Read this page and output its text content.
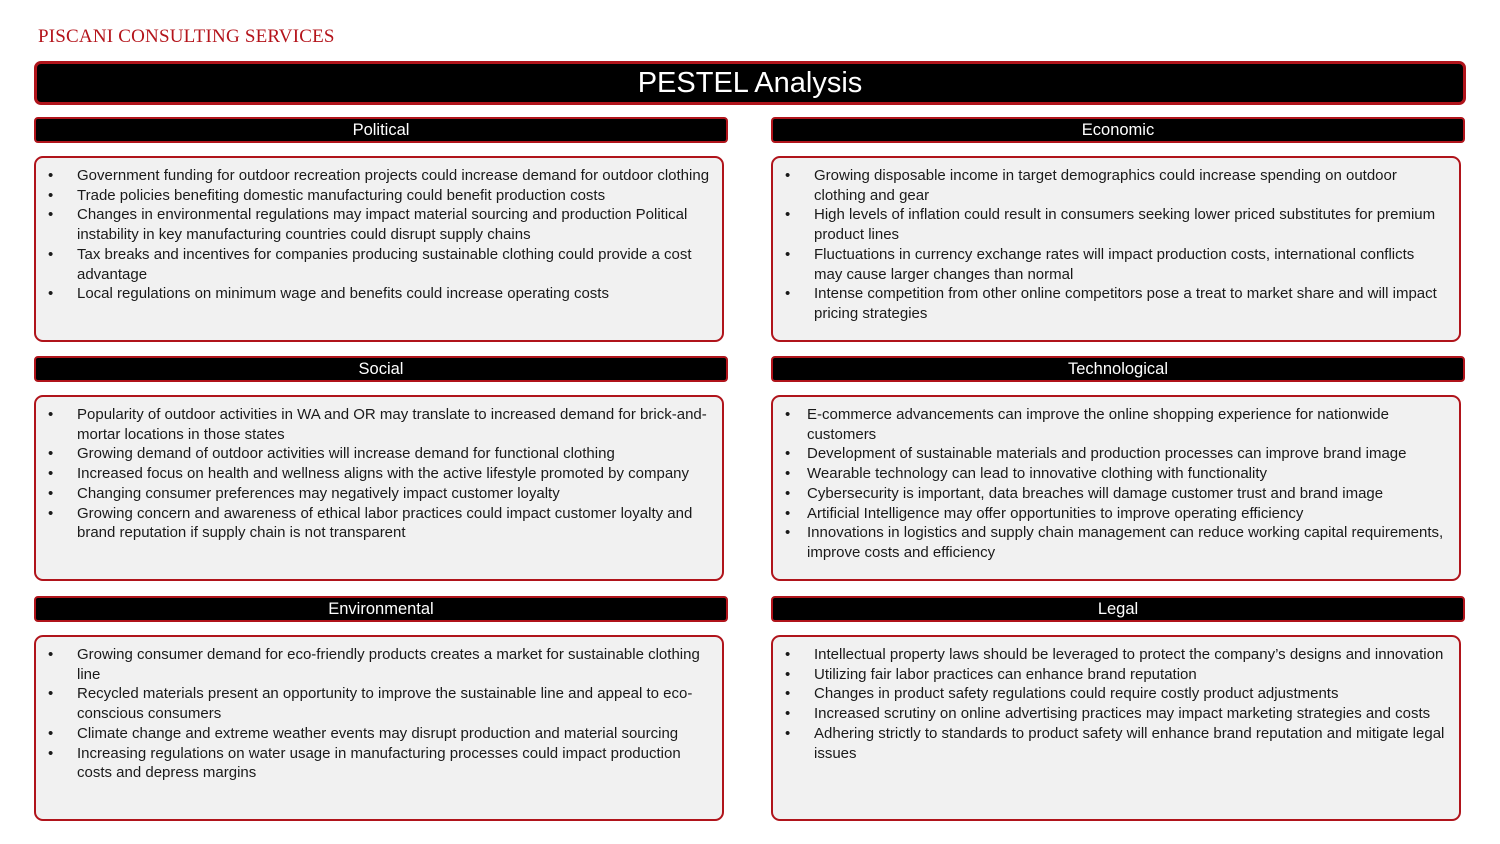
PISCANI CONSULTING SERVICES
PESTEL Analysis
Political
• Government funding for outdoor recreation projects could increase demand for outdoor clothing
• Trade policies benefiting domestic manufacturing could benefit production costs
• Changes in environmental regulations may impact material sourcing and production Political instability in key manufacturing countries could disrupt supply chains
• Tax breaks and incentives for companies producing sustainable clothing could provide a cost advantage
• Local regulations on minimum wage and benefits could increase operating costs
Economic
• Growing disposable income in target demographics could increase spending on outdoor clothing and gear
• High levels of inflation could result in consumers seeking lower priced substitutes for premium product lines
• Fluctuations in currency exchange rates will impact production costs, international conflicts may cause larger changes than normal
• Intense competition from other online competitors pose a treat to market share and will impact pricing strategies
Social
• Popularity of outdoor activities in WA and OR may translate to increased demand for brick-and-mortar locations in those states
• Growing demand of outdoor activities will increase demand for functional clothing
• Increased focus on health and wellness aligns with the active lifestyle promoted by company
• Changing consumer preferences may negatively impact customer loyalty
• Growing concern and awareness of ethical labor practices could impact customer loyalty and brand reputation if supply chain is not transparent
Technological
• E-commerce advancements can improve the online shopping experience for nationwide customers
• Development of sustainable materials and production processes can improve brand image
• Wearable technology can lead to innovative clothing with functionality
• Cybersecurity is important, data breaches will damage customer trust and brand image
• Artificial Intelligence may offer opportunities to improve operating efficiency
• Innovations in logistics and supply chain management can reduce working capital requirements, improve costs and efficiency
Environmental
• Growing consumer demand for eco-friendly products creates a market for sustainable clothing line
• Recycled materials present an opportunity to improve the sustainable line and appeal to eco-conscious consumers
• Climate change and extreme weather events may disrupt production and material sourcing
• Increasing regulations on water usage in manufacturing processes could impact production costs and depress margins
Legal
• Intellectual property laws should be leveraged to protect the company’s designs and innovation
• Utilizing fair labor practices can enhance brand reputation
• Changes in product safety regulations could require costly product adjustments
• Increased scrutiny on online advertising practices may impact marketing strategies and costs
• Adhering strictly to standards to product safety will enhance brand reputation and mitigate legal issues
